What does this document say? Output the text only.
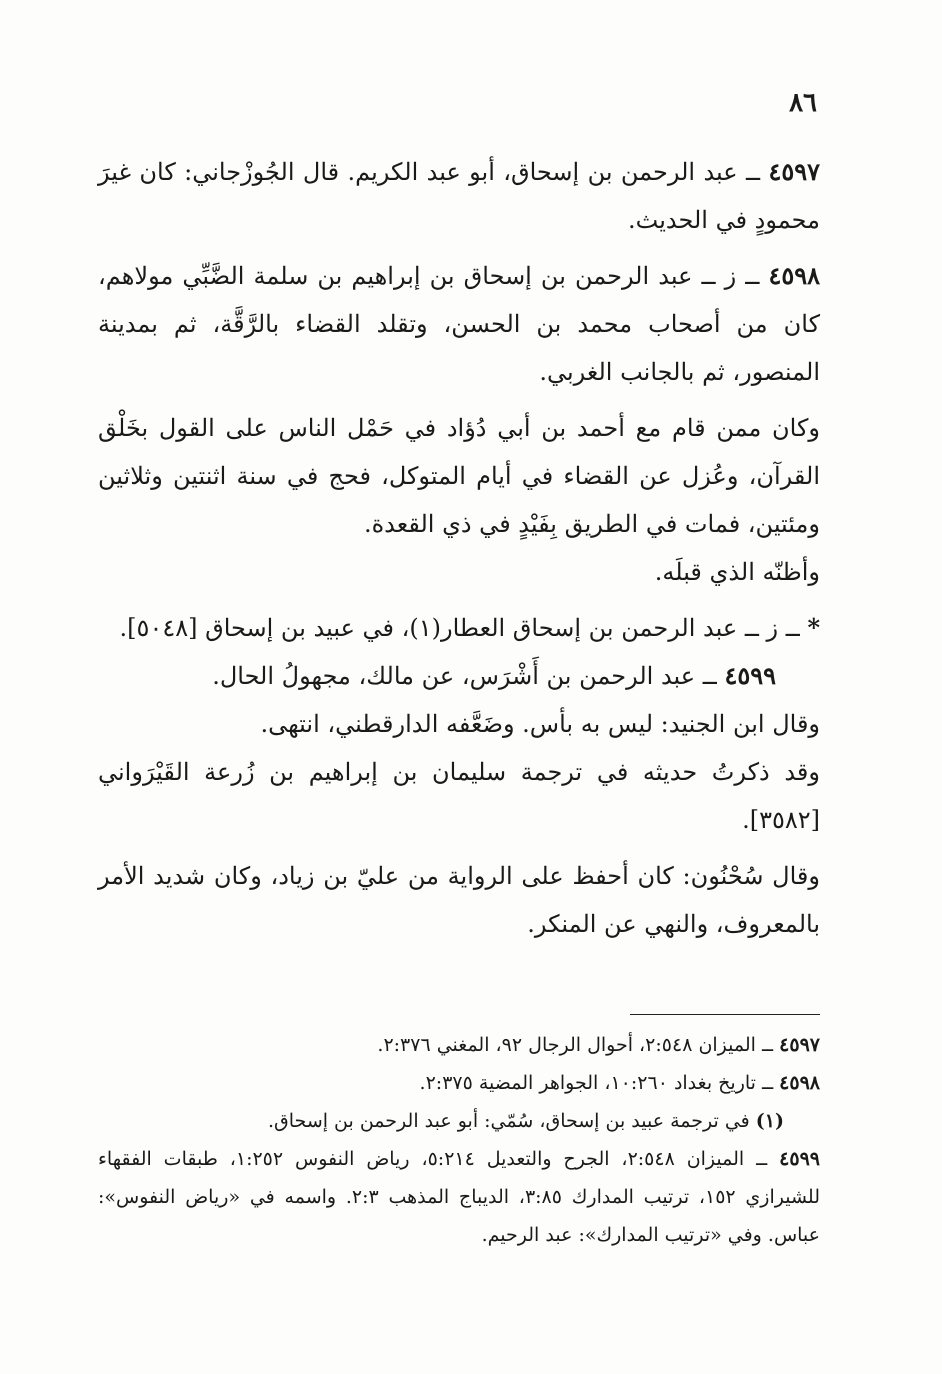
٨٦

٤٥٩٧ ــ عبد الرحمن بن إسحاق، أبو عبد الكريم. قال الجُوزْجاني: كان غيرَ محمودٍ في الحديث.

٤٥٩٨ ــ ز ــ عبد الرحمن بن إسحاق بن إبراهيم بن سلمة الضَّبِّي مولاهم، كان من أصحاب محمد بن الحسن، وتقلد القضاء بالرَّقَّة، ثم بمدينة المنصور، ثم بالجانب الغربي.

وكان ممن قام مع أحمد بن أبي دُؤاد في حَمْل الناس على القول بخَلْق القرآن، وعُزل عن القضاء في أيام المتوكل، فحج في سنة اثنتين وثلاثين ومئتين، فمات في الطريق بِفَيْدٍ في ذي القعدة.

وأظنّه الذي قبلَه.

* ــ ز ــ عبد الرحمن بن إسحاق العطار(١)، في عبيد بن إسحاق [٥٠٤٨].

٤٥٩٩ ــ عبد الرحمن بن أَشْرَس، عن مالك، مجهولُ الحال.

وقال ابن الجنيد: ليس به بأس. وضَعَّفه الدارقطني، انتهى.

وقد ذكرتُ حديثه في ترجمة سليمان بن إبراهيم بن زُرعة القَيْرَواني [٣٥٨٢].

وقال سُحْنُون: كان أحفظ على الرواية من عليّ بن زياد، وكان شديد الأمر بالمعروف، والنهي عن المنكر.

٤٥٩٧ ــ الميزان ٢:٥٤٨، أحوال الرجال ٩٢، المغني ٢:٣٧٦.

٤٥٩٨ ــ تاريخ بغداد ١٠:٢٦٠، الجواهر المضية ٢:٣٧٥.

(١) في ترجمة عبيد بن إسحاق، سُمّي: أبو عبد الرحمن بن إسحاق.

٤٥٩٩ ــ الميزان ٢:٥٤٨، الجرح والتعديل ٥:٢١٤، رياض النفوس ١:٢٥٢، طبقات الفقهاء للشيرازي ١٥٢، ترتيب المدارك ٣:٨٥، الديباج المذهب ٢:٣. واسمه في «رياض النفوس»: عباس. وفي «ترتيب المدارك»: عبد الرحيم.
